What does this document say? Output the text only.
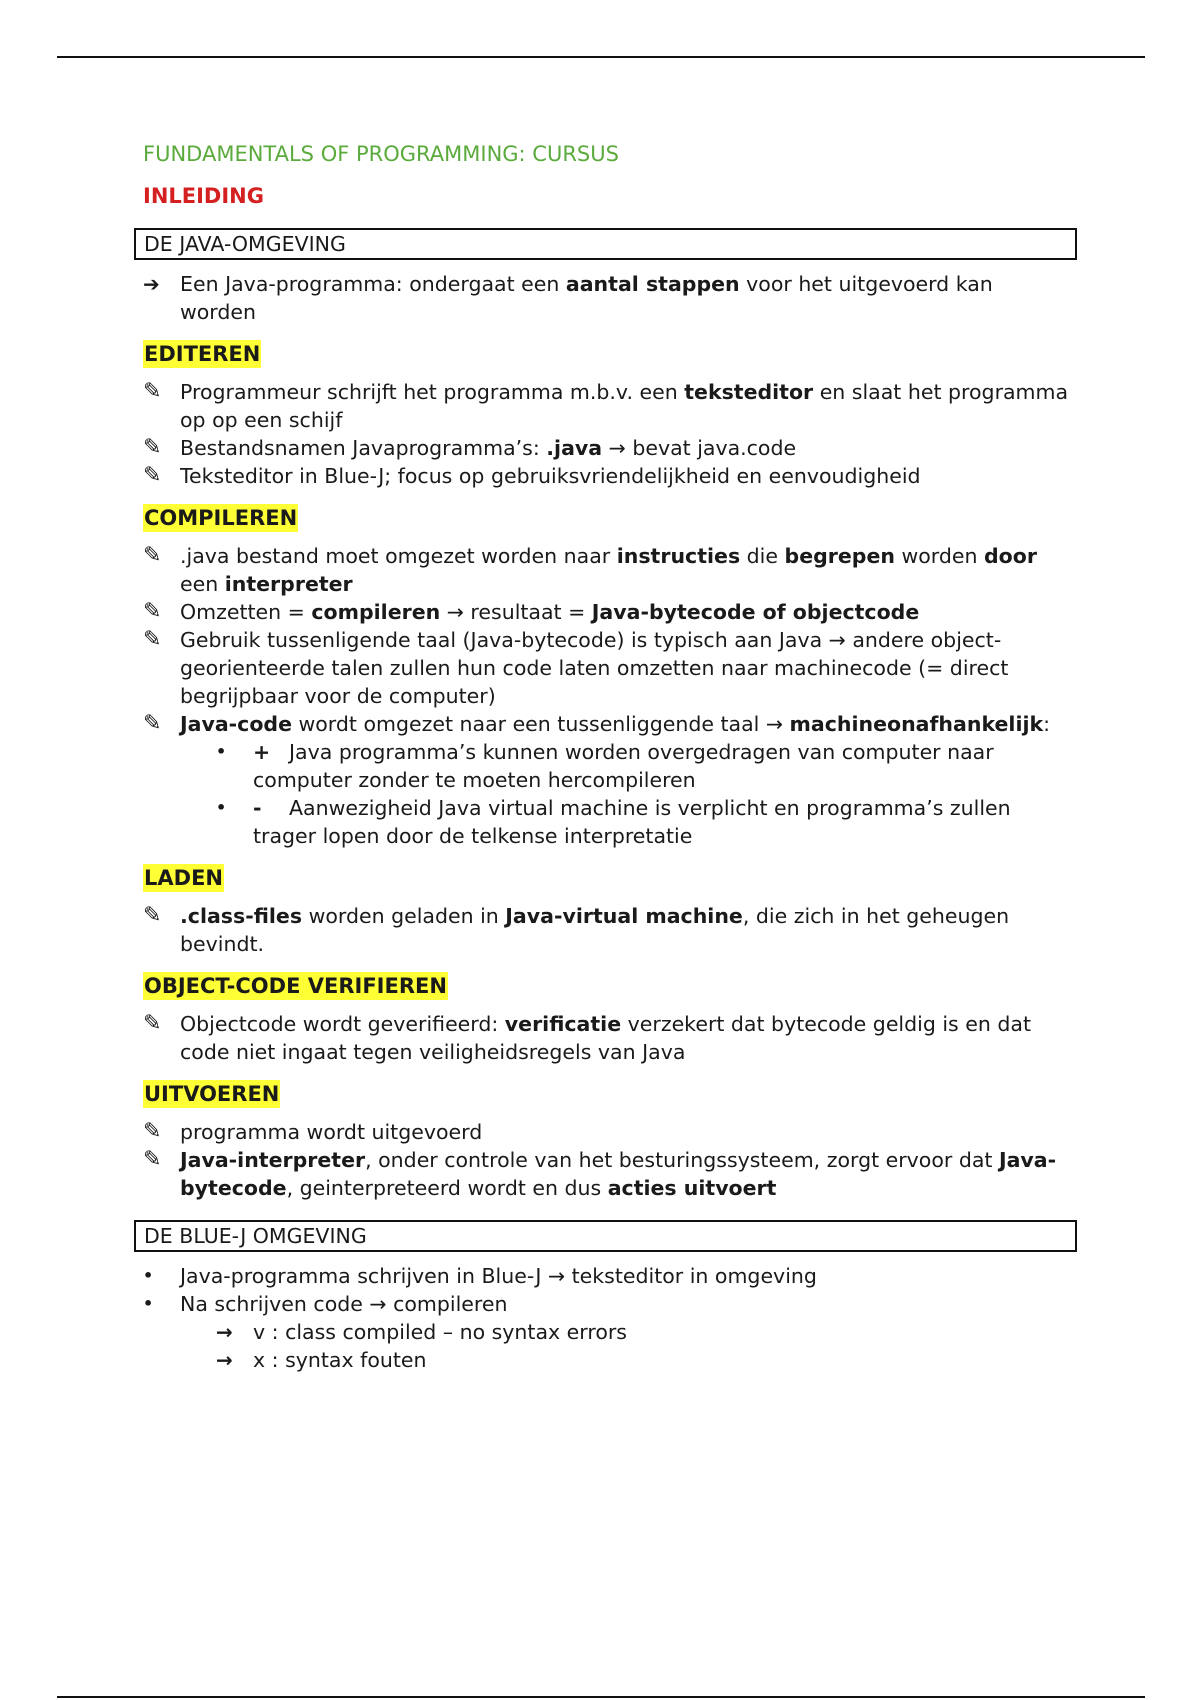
FUNDAMENTALS OF PROGRAMMING: CURSUS

INLEIDING

DE JAVA-OMGEVING
➔ Een Java-programma: ondergaat een aantal stappen voor het uitgevoerd kan worden
EDITEREN
✎ Programmeur schrijft het programma m.b.v. een teksteditor en slaat het programma op op een schijf
✎ Bestandsnamen Javaprogramma’s: .java → bevat java.code
✎ Teksteditor in Blue-J; focus op gebruiksvriendelijkheid en eenvoudigheid
COMPILEREN
✎ .java bestand moet omgezet worden naar instructies die begrepen worden door een interpreter
✎ Omzetten = compileren → resultaat = Java-bytecode of objectcode
✎ Gebruik tussenligende taal (Java-bytecode) is typisch aan Java → andere object-georienteerde talen zullen hun code laten omzetten naar machinecode (= direct begrijpbaar voor de computer)
✎ Java-code wordt omgezet naar een tussenliggende taal → machineonafhankelijk:
•	+ Java programma’s kunnen worden overgedragen van computer naar computer zonder te moeten hercompileren
•	- Aanwezigheid Java virtual machine is verplicht en programma’s zullen trager lopen door de telkense interpretatie
LADEN
✎ .class-files worden geladen in Java-virtual machine, die zich in het geheugen bevindt.
OBJECT-CODE VERIFIEREN
✎ Objectcode wordt geverifieerd: verificatie verzekert dat bytecode geldig is en dat code niet ingaat tegen veiligheidsregels van Java
UITVOEREN
✎ programma wordt uitgevoerd
✎ Java-interpreter, onder controle van het besturingssysteem, zorgt ervoor dat Java-bytecode, geinterpreteerd wordt en dus acties uitvoert
DE BLUE-J OMGEVING
•	Java-programma schrijven in Blue-J → teksteditor in omgeving
•	Na schrijven code → compileren
→ v : class compiled – no syntax errors
→ x : syntax fouten
